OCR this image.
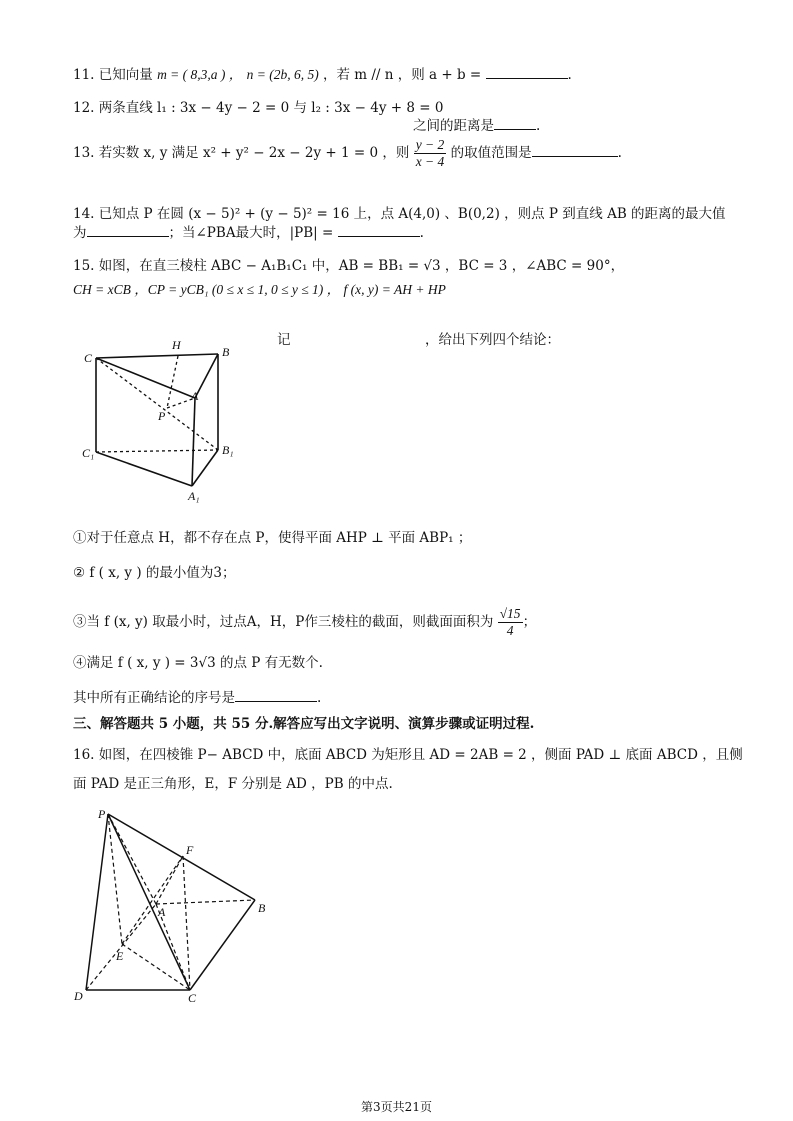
11. 已知向量 m = ( 8,3,a ) ， n = (2b, 6, 5) ，若 m // n ，则 a + b =	.
12. 两条直线 l₁ : 3x − 4y − 2 = 0 与 l₂ : 3x − 4y + 8 = 0
之间的距离是	.
13. 若实数 x, y 满足 x² + y² − 2x − 2y + 1 = 0 ，则 $\frac{y - 2}{x - 4}$ 的取值范围是	.
14. 已知点 P 在圆 (x − 5)² + (y − 5)² = 16 上，点 A(4,0) 、B(0,2) ，则点 P 到直线 AB 的距离的最大值
为	；当∠PBA最大时，|PB| =	.
15. 如图，在直三棱柱 ABC − A₁B₁C₁ 中，AB = BB₁ = √3 ，BC = 3 ，∠ABC = 90°，
CH = xCB ，CP = yCB₁ (0 ≤ x ≤ 1, 0 ≤ y ≤ 1) ， f (x, y) = AH + HP
记	，给出下列四个结论：
C
H	B
A
P
C₁	B₁
A₁
①对于任意点 H，都不存在点 P，使得平面 AHP ⊥ 平面 ABP₁ ；
② f ( x, y ) 的最小值为3；
③当 f (x, y) 取最小时，过点A，H，P作三棱柱的截面，则截面面积为 $\frac{√15}{4}$ ；
④满足 f ( x, y ) = 3√3 的点 P 有无数个.
其中所有正确结论的序号是	.
三、解答题共 5 小题，共 55 分.解答应写出文字说明、演算步骤或证明过程.
16. 如图，在四棱锥 P− ABCD 中，底面 ABCD 为矩形且 AD = 2AB = 2 ，侧面 PAD ⊥ 底面 ABCD ，且侧
面 PAD 是正三角形，E，F 分别是 AD ，PB 的中点.
P
F
A	B
E
D	C
第3页共21页
